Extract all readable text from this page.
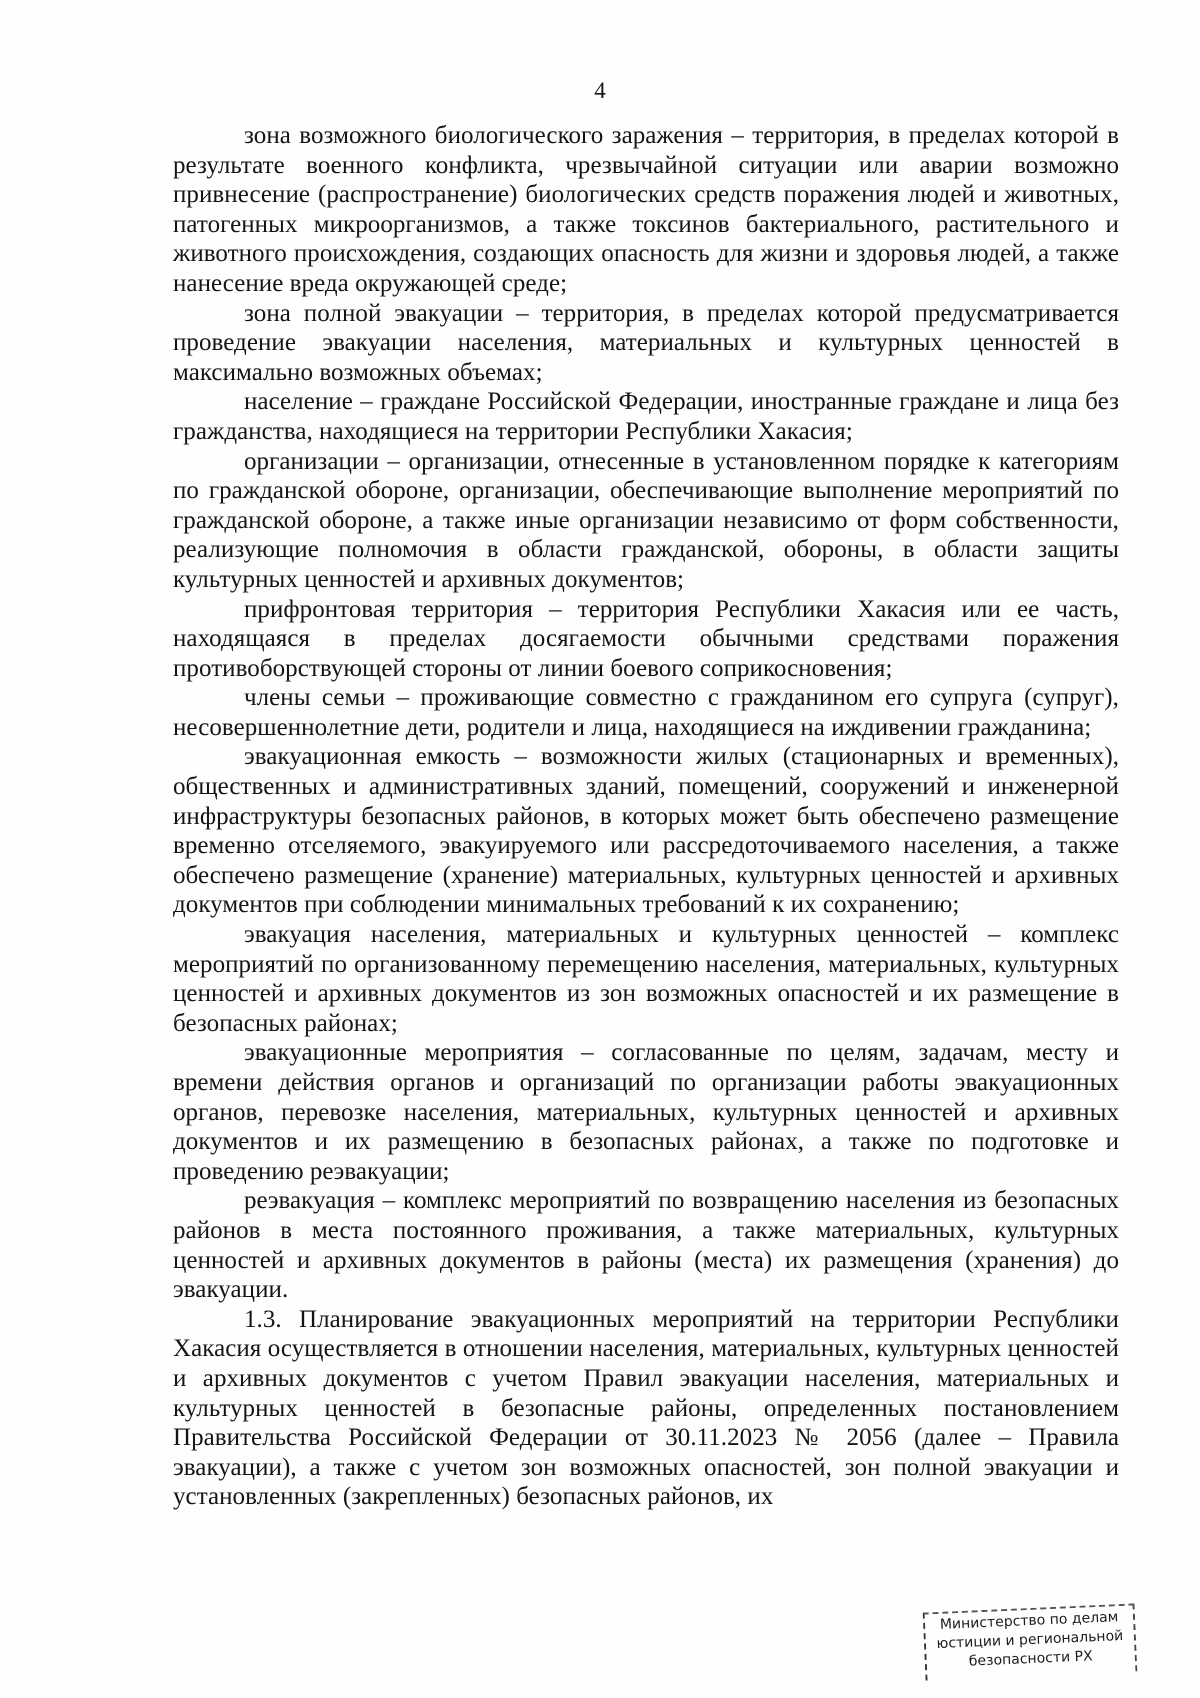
4

зона возможного биологического заражения – территория, в пределах которой в результате военного конфликта, чрезвычайной ситуации или аварии возможно привнесение (распространение) биологических средств поражения людей и животных, патогенных микроорганизмов, а также токсинов бактериального, растительного и животного происхождения, создающих опасность для жизни и здоровья людей, а также нанесение вреда окружающей среде;

зона полной эвакуации – территория, в пределах которой предусматривается проведение эвакуации населения, материальных и культурных ценностей в максимально возможных объемах;

население – граждане Российской Федерации, иностранные граждане и лица без гражданства, находящиеся на территории Республики Хакасия;

организации – организации, отнесенные в установленном порядке к категориям по гражданской обороне, организации, обеспечивающие выполнение мероприятий по гражданской обороне, а также иные организации независимо от форм собственности, реализующие полномочия в области гражданской, обороны, в области защиты культурных ценностей и архивных документов;

прифронтовая территория – территория Республики Хакасия или ее часть, находящаяся в пределах досягаемости обычными средствами поражения противоборствующей стороны от линии боевого соприкосновения;

члены семьи – проживающие совместно с гражданином его супруга (супруг), несовершеннолетние дети, родители и лица, находящиеся на иждивении гражданина;

эвакуационная емкость – возможности жилых (стационарных и временных), общественных и административных зданий, помещений, сооружений и инженерной инфраструктуры безопасных районов, в которых может быть обеспечено размещение временно отселяемого, эвакуируемого или рассредоточиваемого населения, а также обеспечено размещение (хранение) материальных, культурных ценностей и архивных документов при соблюдении минимальных требований к их сохранению;

эвакуация населения, материальных и культурных ценностей – комплекс мероприятий по организованному перемещению населения, материальных, культурных ценностей и архивных документов из зон возможных опасностей и их размещение в безопасных районах;

эвакуационные мероприятия – согласованные по целям, задачам, месту и времени действия органов и организаций по организации работы эвакуационных органов, перевозке населения, материальных, культурных ценностей и архивных документов и их размещению в безопасных районах, а также по подготовке и проведению реэвакуации;

реэвакуация – комплекс мероприятий по возвращению населения из безопасных районов в места постоянного проживания, а также материальных, культурных ценностей и архивных документов в районы (места) их размещения (хранения) до эвакуации.

1.3. Планирование эвакуационных мероприятий на территории Республики Хакасия осуществляется в отношении населения, материальных, культурных ценностей и архивных документов с учетом Правил эвакуации населения, материальных и культурных ценностей в безопасные районы, определенных постановлением Правительства Российской Федерации от 30.11.2023 № 2056 (далее – Правила эвакуации), а также с учетом зон возможных опасностей, зон полной эвакуации и установленных (закрепленных) безопасных районов, их

Министерство по делам
юстиции и региональной
безопасности РХ
